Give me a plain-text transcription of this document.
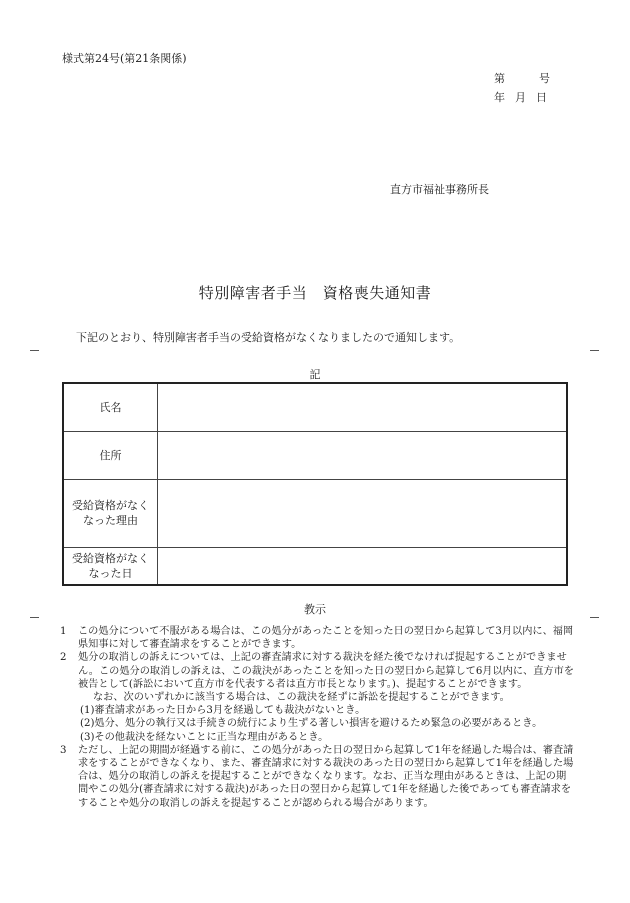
様式第24号(第21条関係)
第	号
年 月 日
直方市福祉事務所長
特別障害者手当　資格喪失通知書
下記のとおり、特別障害者手当の受給資格がなくなりましたので通知します。
記
氏名	
住所	

受給資格がなく
なった理由	

受給資格がなく
なった日	

教示

1 この処分について不服がある場合は、この処分があったことを知った日の翌日から起算して3月以内に、福岡県知事に対して審査請求をすることができます。

2 処分の取消しの訴えについては、上記の審査請求に対する裁決を経た後でなければ提起することができません。この処分の取消しの訴えは、この裁決があったことを知った日の翌日から起算して6月以内に、直方市を被告として(訴訟において直方市を代表する者は直方市長となります。)、提起することができます。

なお、次のいずれかに該当する場合は、この裁決を経ずに訴訟を提起することができます。

(1)審査請求があった日から3月を経過しても裁決がないとき。

(2)処分、処分の執行又は手続きの続行により生ずる著しい損害を避けるため緊急の必要があるとき。

(3)その他裁決を経ないことに正当な理由があるとき。

3 ただし、上記の期間が経過する前に、この処分があった日の翌日から起算して1年を経過した場合は、審査請求をすることができなくなり、また、審査請求に対する裁決のあった日の翌日から起算して1年を経過した場合は、処分の取消しの訴えを提起することができなくなります。なお、正当な理由があるときは、上記の期間やこの処分(審査請求に対する裁決)があった日の翌日から起算して1年を経過した後であっても審査請求をすることや処分の取消しの訴えを提起することが認められる場合があります。
